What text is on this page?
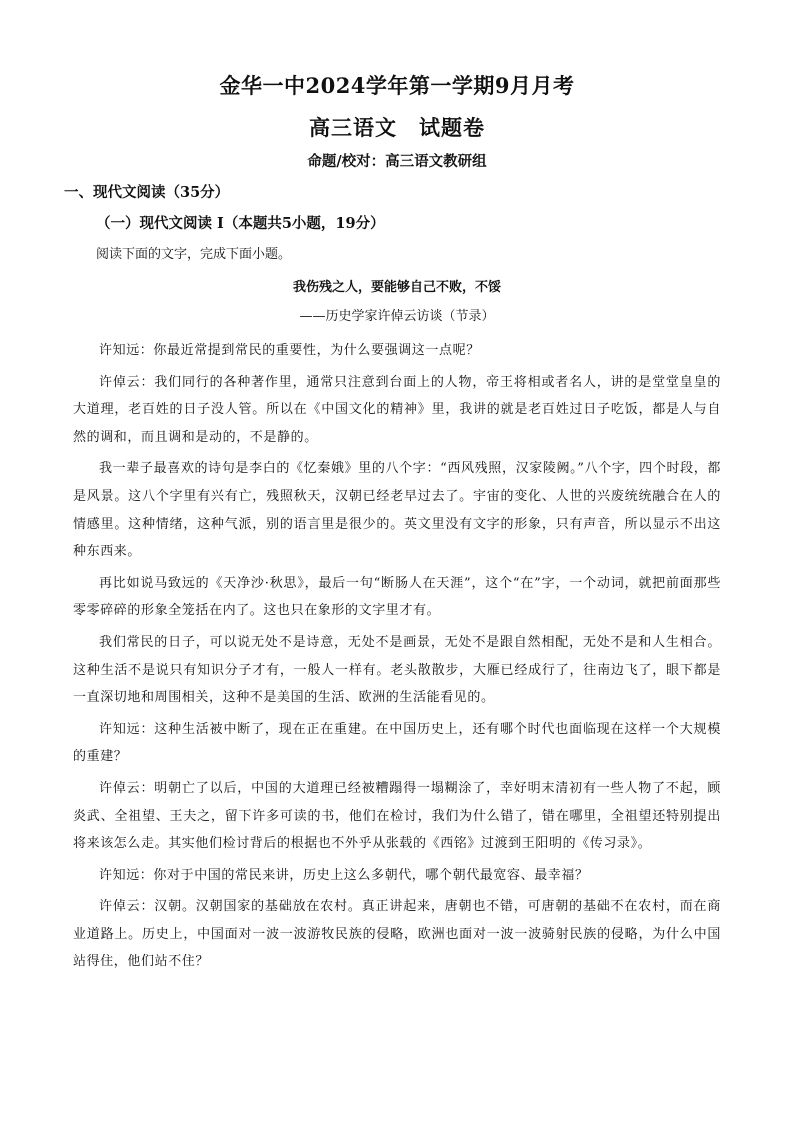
金华一中2024学年第一学期9月月考
高三语文　试题卷
命题/校对：高三语文教研组
一、现代文阅读（35分）
（一）现代文阅读 I（本题共5小题，19分）
阅读下面的文字，完成下面小题。
我伤残之人，要能够自己不败，不馁
——历史学家许倬云访谈（节录）

许知远：你最近常提到常民的重要性，为什么要强调这一点呢？

许倬云：我们同行的各种著作里，通常只注意到台面上的人物，帝王将相或者名人，讲的是堂堂皇皇的大道理，老百姓的日子没人管。所以在《中国文化的精神》里，我讲的就是老百姓过日子吃饭，都是人与自然的调和，而且调和是动的，不是静的。

我一辈子最喜欢的诗句是李白的《忆秦娥》里的八个字：“西风残照，汉家陵阙。”八个字，四个时段，都是风景。这八个字里有兴有亡，残照秋天，汉朝已经老早过去了。宇宙的变化、人世的兴废统统融合在人的情感里。这种情绪，这种气派，别的语言里是很少的。英文里没有文字的形象，只有声音，所以显示不出这种东西来。

再比如说马致远的《天净沙·秋思》，最后一句“断肠人在天涯”，这个“在”字，一个动词，就把前面那些零零碎碎的形象全笼括在内了。这也只在象形的文字里才有。

我们常民的日子，可以说无处不是诗意，无处不是画景，无处不是跟自然相配，无处不是和人生相合。这种生活不是说只有知识分子才有，一般人一样有。老头散散步，大雁已经成行了，往南边飞了，眼下都是一直深切地和周围相关，这种不是美国的生活、欧洲的生活能看见的。

许知远：这种生活被中断了，现在正在重建。在中国历史上，还有哪个时代也面临现在这样一个大规模的重建？

许倬云：明朝亡了以后，中国的大道理已经被糟蹋得一塌糊涂了，幸好明末清初有一些人物了不起，顾炎武、全祖望、王夫之，留下许多可读的书，他们在检讨，我们为什么错了，错在哪里，全祖望还特别提出将来该怎么走。其实他们检讨背后的根据也不外乎从张载的《西铭》过渡到王阳明的《传习录》。

许知远：你对于中国的常民来讲，历史上这么多朝代，哪个朝代最宽容、最幸福？

许倬云：汉朝。汉朝国家的基础放在农村。真正讲起来，唐朝也不错，可唐朝的基础不在农村，而在商业道路上。历史上，中国面对一波一波游牧民族的侵略，欧洲也面对一波一波骑射民族的侵略，为什么中国站得住，他们站不住？
